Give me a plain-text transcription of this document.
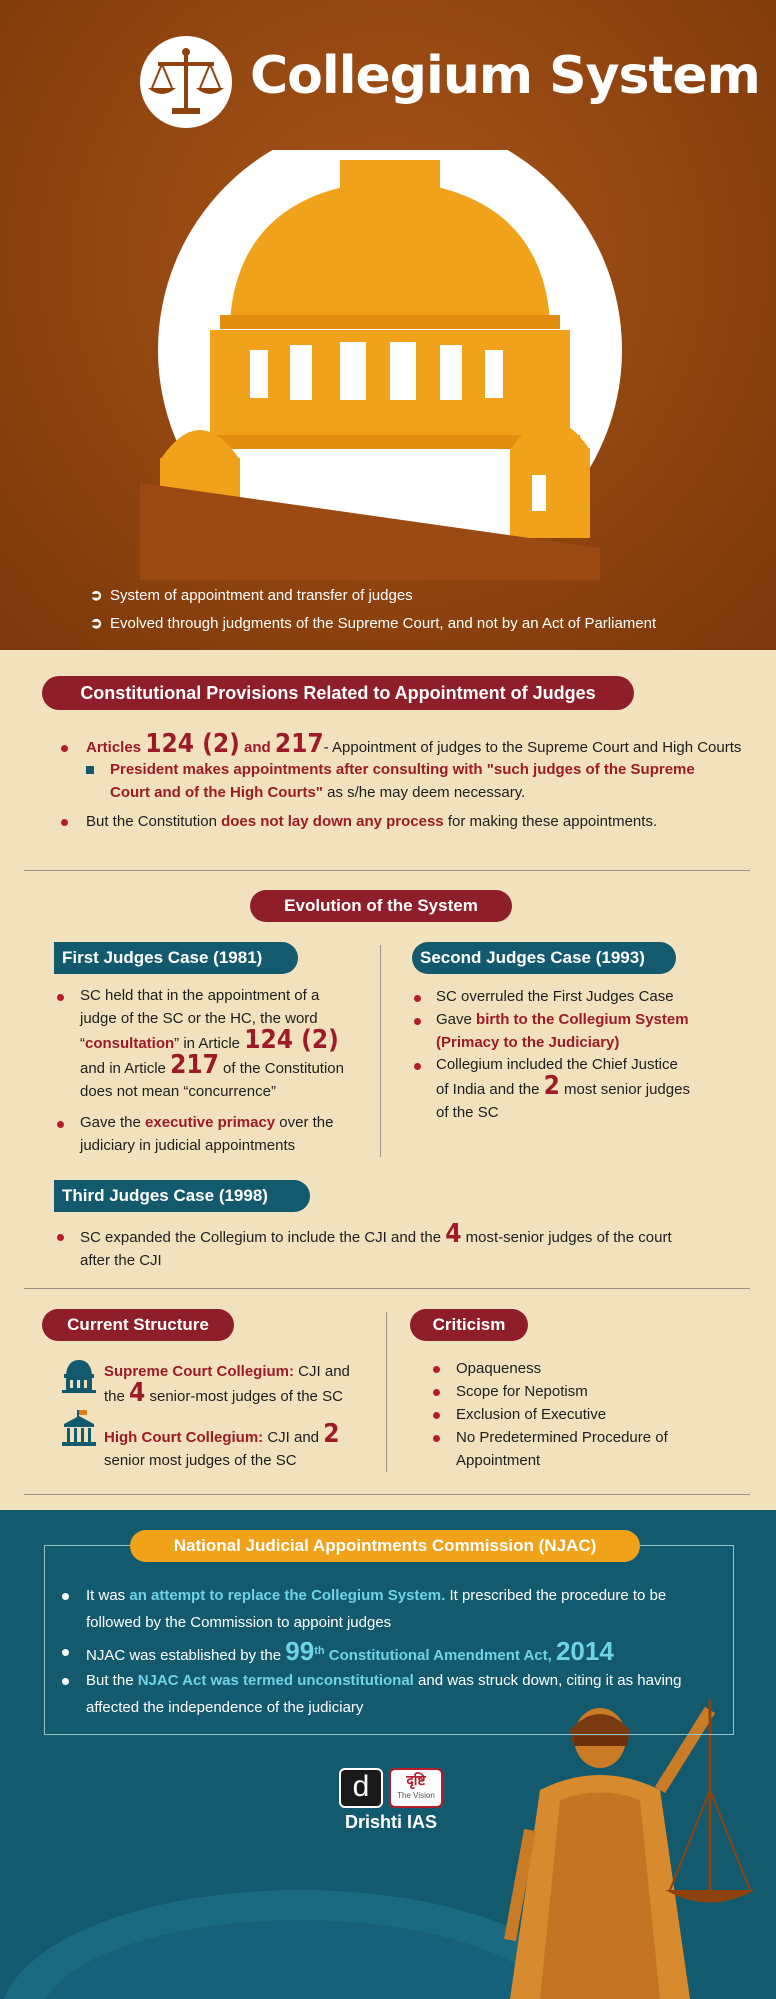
Collegium System
➲ System of appointment and transfer of judges
➲ Evolved through judgments of the Supreme Court, and not by an Act of Parliament
Constitutional Provisions Related to Appointment of Judges
Articles 124 (2) and 217- Appointment of judges to the Supreme Court and High Courts
President makes appointments after consulting with "such judges of the Supreme Court and of the High Courts" as s/he may deem necessary.
But the Constitution does not lay down any process for making these appointments.
Evolution of the System
First Judges Case (1981)
SC held that in the appointment of a
judge of the SC or the HC, the word
“consultation” in Article 124 (2)
and in Article 217 of the Constitution
does not mean “concurrence”
Gave the executive primacy over the
judiciary in judicial appointments
Second Judges Case (1993)
SC overruled the First Judges Case
Gave birth to the Collegium System
(Primacy to the Judiciary)
Collegium included the Chief Justice
of India and the 2 most senior judges
of the SC
Third Judges Case (1998)
SC expanded the Collegium to include the CJI and the 4 most-senior judges of the court
after the CJI
Current Structure
Supreme Court Collegium: CJI and
the 4 senior-most judges of the SC
High Court Collegium: CJI and 2
senior most judges of the SC
Criticism
Opaqueness
Scope for Nepotism
Exclusion of Executive
No Predetermined Procedure of
Appointment
National Judicial Appointments Commission (NJAC)
It was an attempt to replace the Collegium System. It prescribed the procedure to be
followed by the Commission to appoint judges
NJAC was established by the 99th Constitutional Amendment Act, 2014
But the NJAC Act was termed unconstitutional and was struck down, citing it as having
affected the independence of the judiciary
d	दृष्टि
The Vision
Drishti IAS
